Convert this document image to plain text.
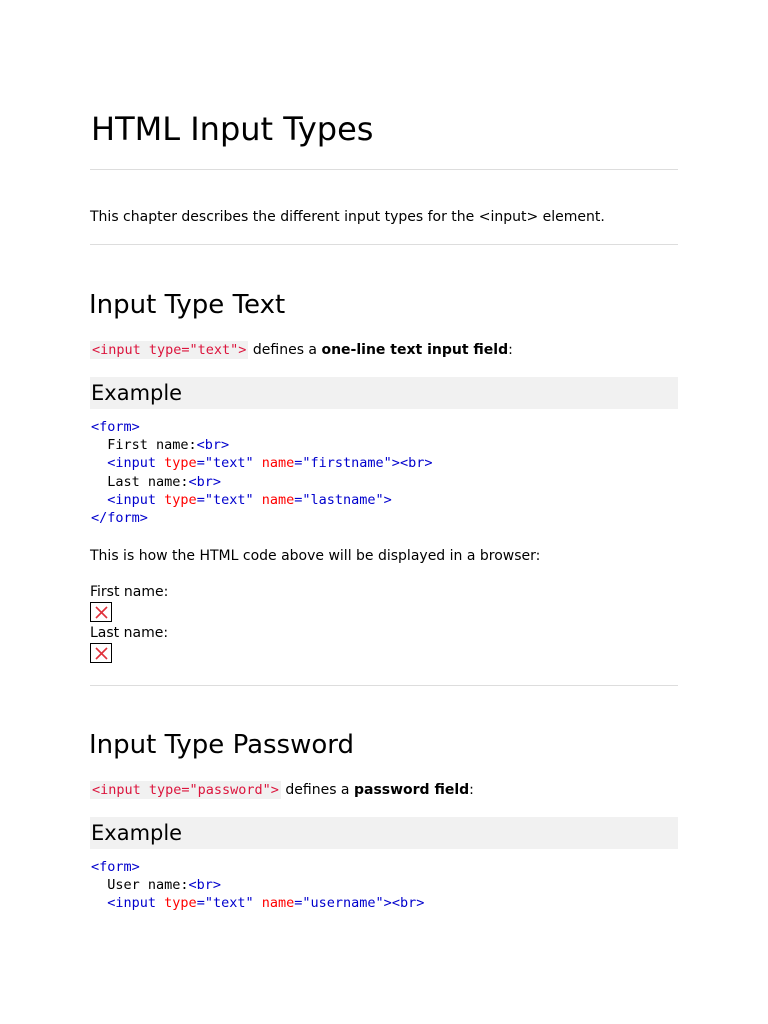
HTML Input Types
This chapter describes the different input types for the <input> element.
Input Type Text
<input type="text"> defines a one-line text input field:
Example
<form>
First name:<br>
<input type="text" name="firstname"><br>
Last name:<br>
<input type="text" name="lastname">
</form>
This is how the HTML code above will be displayed in a browser:
First name:
Last name:
Input Type Password
<input type="password"> defines a password field:
Example
<form>
User name:<br>
<input type="text" name="username"><br>
